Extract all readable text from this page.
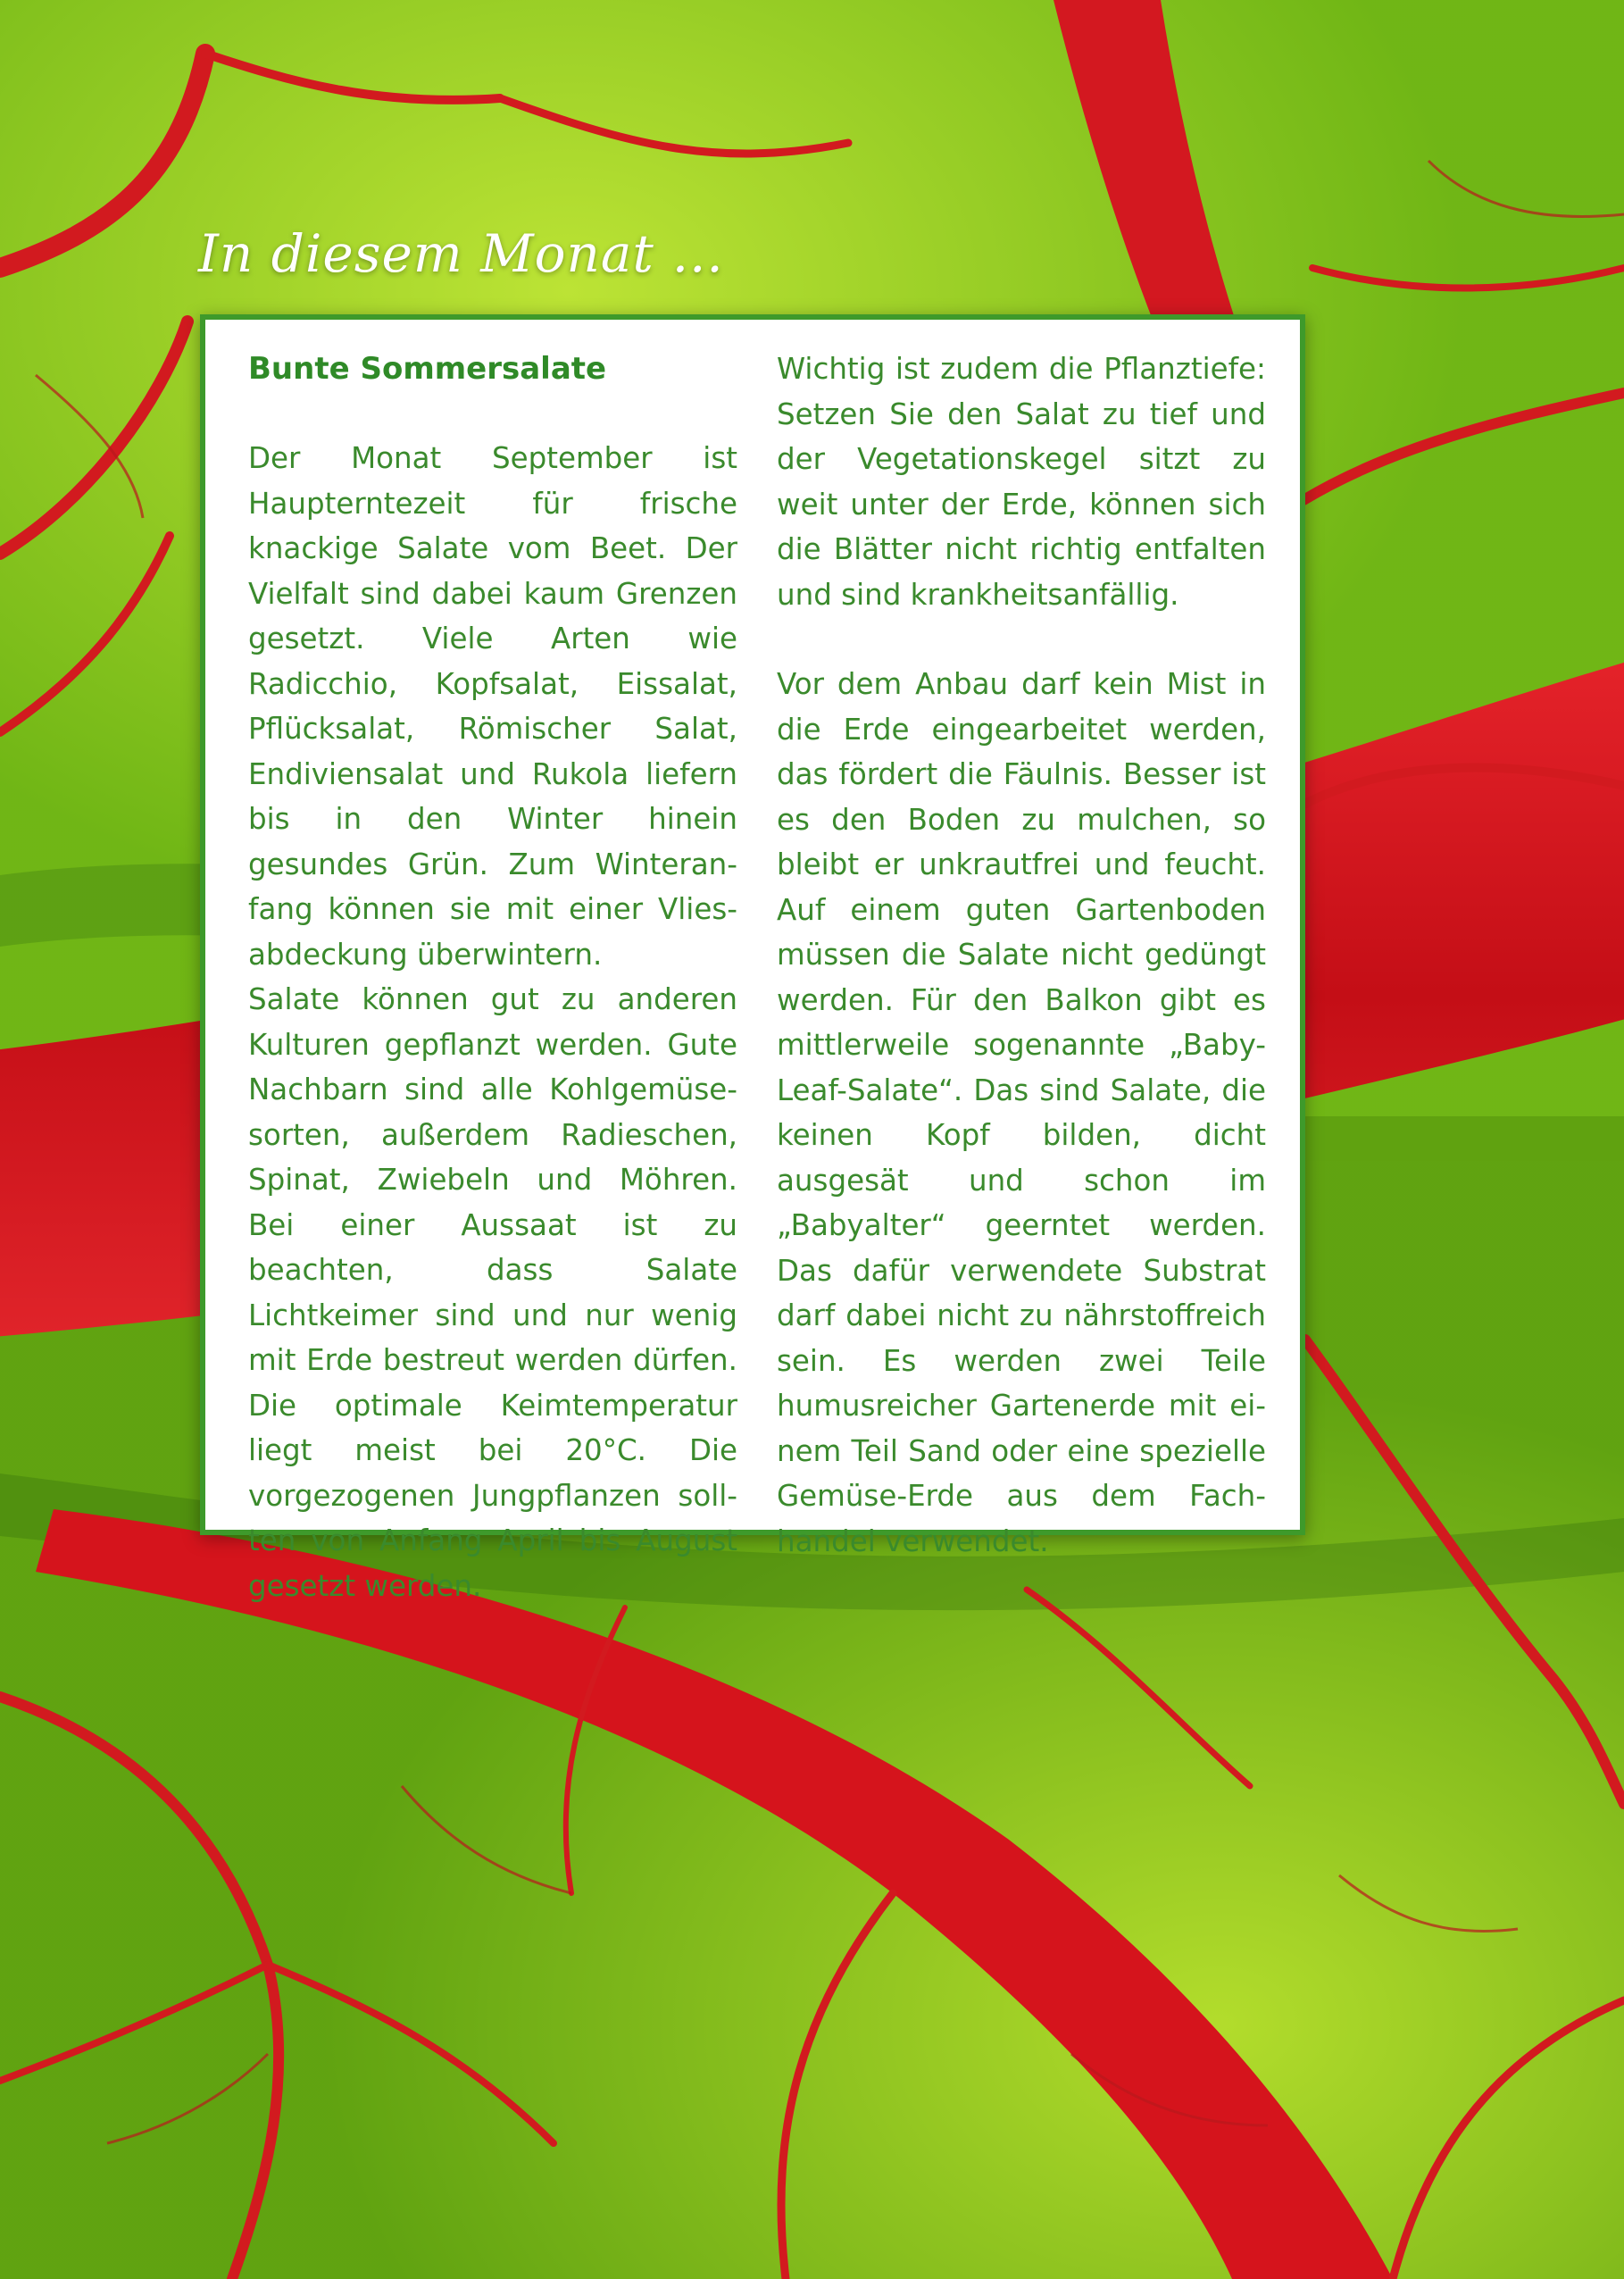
In diesem Monat …
Bunte Sommersalate

Der Monat September ist Haupterntezeit für frische knackige Salate vom Beet. Der Vielfalt sind dabei kaum Grenzen gesetzt. Viele Arten wie Radicchio, Kopfsalat, Eissalat, Pflücksalat, Römischer Salat, Endiviensalat und Rukola liefern bis in den Winter hinein gesundes Grün. Zum Winteranfang können sie mit einer Vliesabdeckung überwintern.

Salate können gut zu anderen Kulturen gepflanzt werden. Gute Nachbarn sind alle Kohlgemüsesorten, außerdem Radieschen, Spinat, Zwiebeln und Möhren. Bei einer Aussaat ist zu beachten, dass Salate Lichtkeimer sind und nur wenig mit Erde bestreut werden dürfen. Die optimale Keimtemperatur liegt meist bei 20°C. Die vorgezogenen Jungpflanzen sollten von Anfang April bis August gesetzt werden.

Wichtig ist zudem die Pflanztiefe: Setzen Sie den Salat zu tief und der Vegetationskegel sitzt zu weit unter der Erde, können sich die Blätter nicht richtig entfalten und sind krankheitsanfällig.

Vor dem Anbau darf kein Mist in die Erde eingearbeitet werden, das fördert die Fäulnis. Besser ist es den Boden zu mulchen, so bleibt er unkrautfrei und feucht. Auf einem guten Gartenboden müssen die Salate nicht gedüngt werden. Für den Balkon gibt es mittlerweile sogenannte „Baby-Leaf-Salate“. Das sind Salate, die keinen Kopf bilden, dicht ausgesät und schon im „Babyalter“ geerntet werden. Das dafür verwendete Substrat darf dabei nicht zu nährstoffreich sein. Es werden zwei Teile humusreicher Gartenerde mit einem Teil Sand oder eine spezielle Gemüse-Erde aus dem Fachhandel verwendet.
